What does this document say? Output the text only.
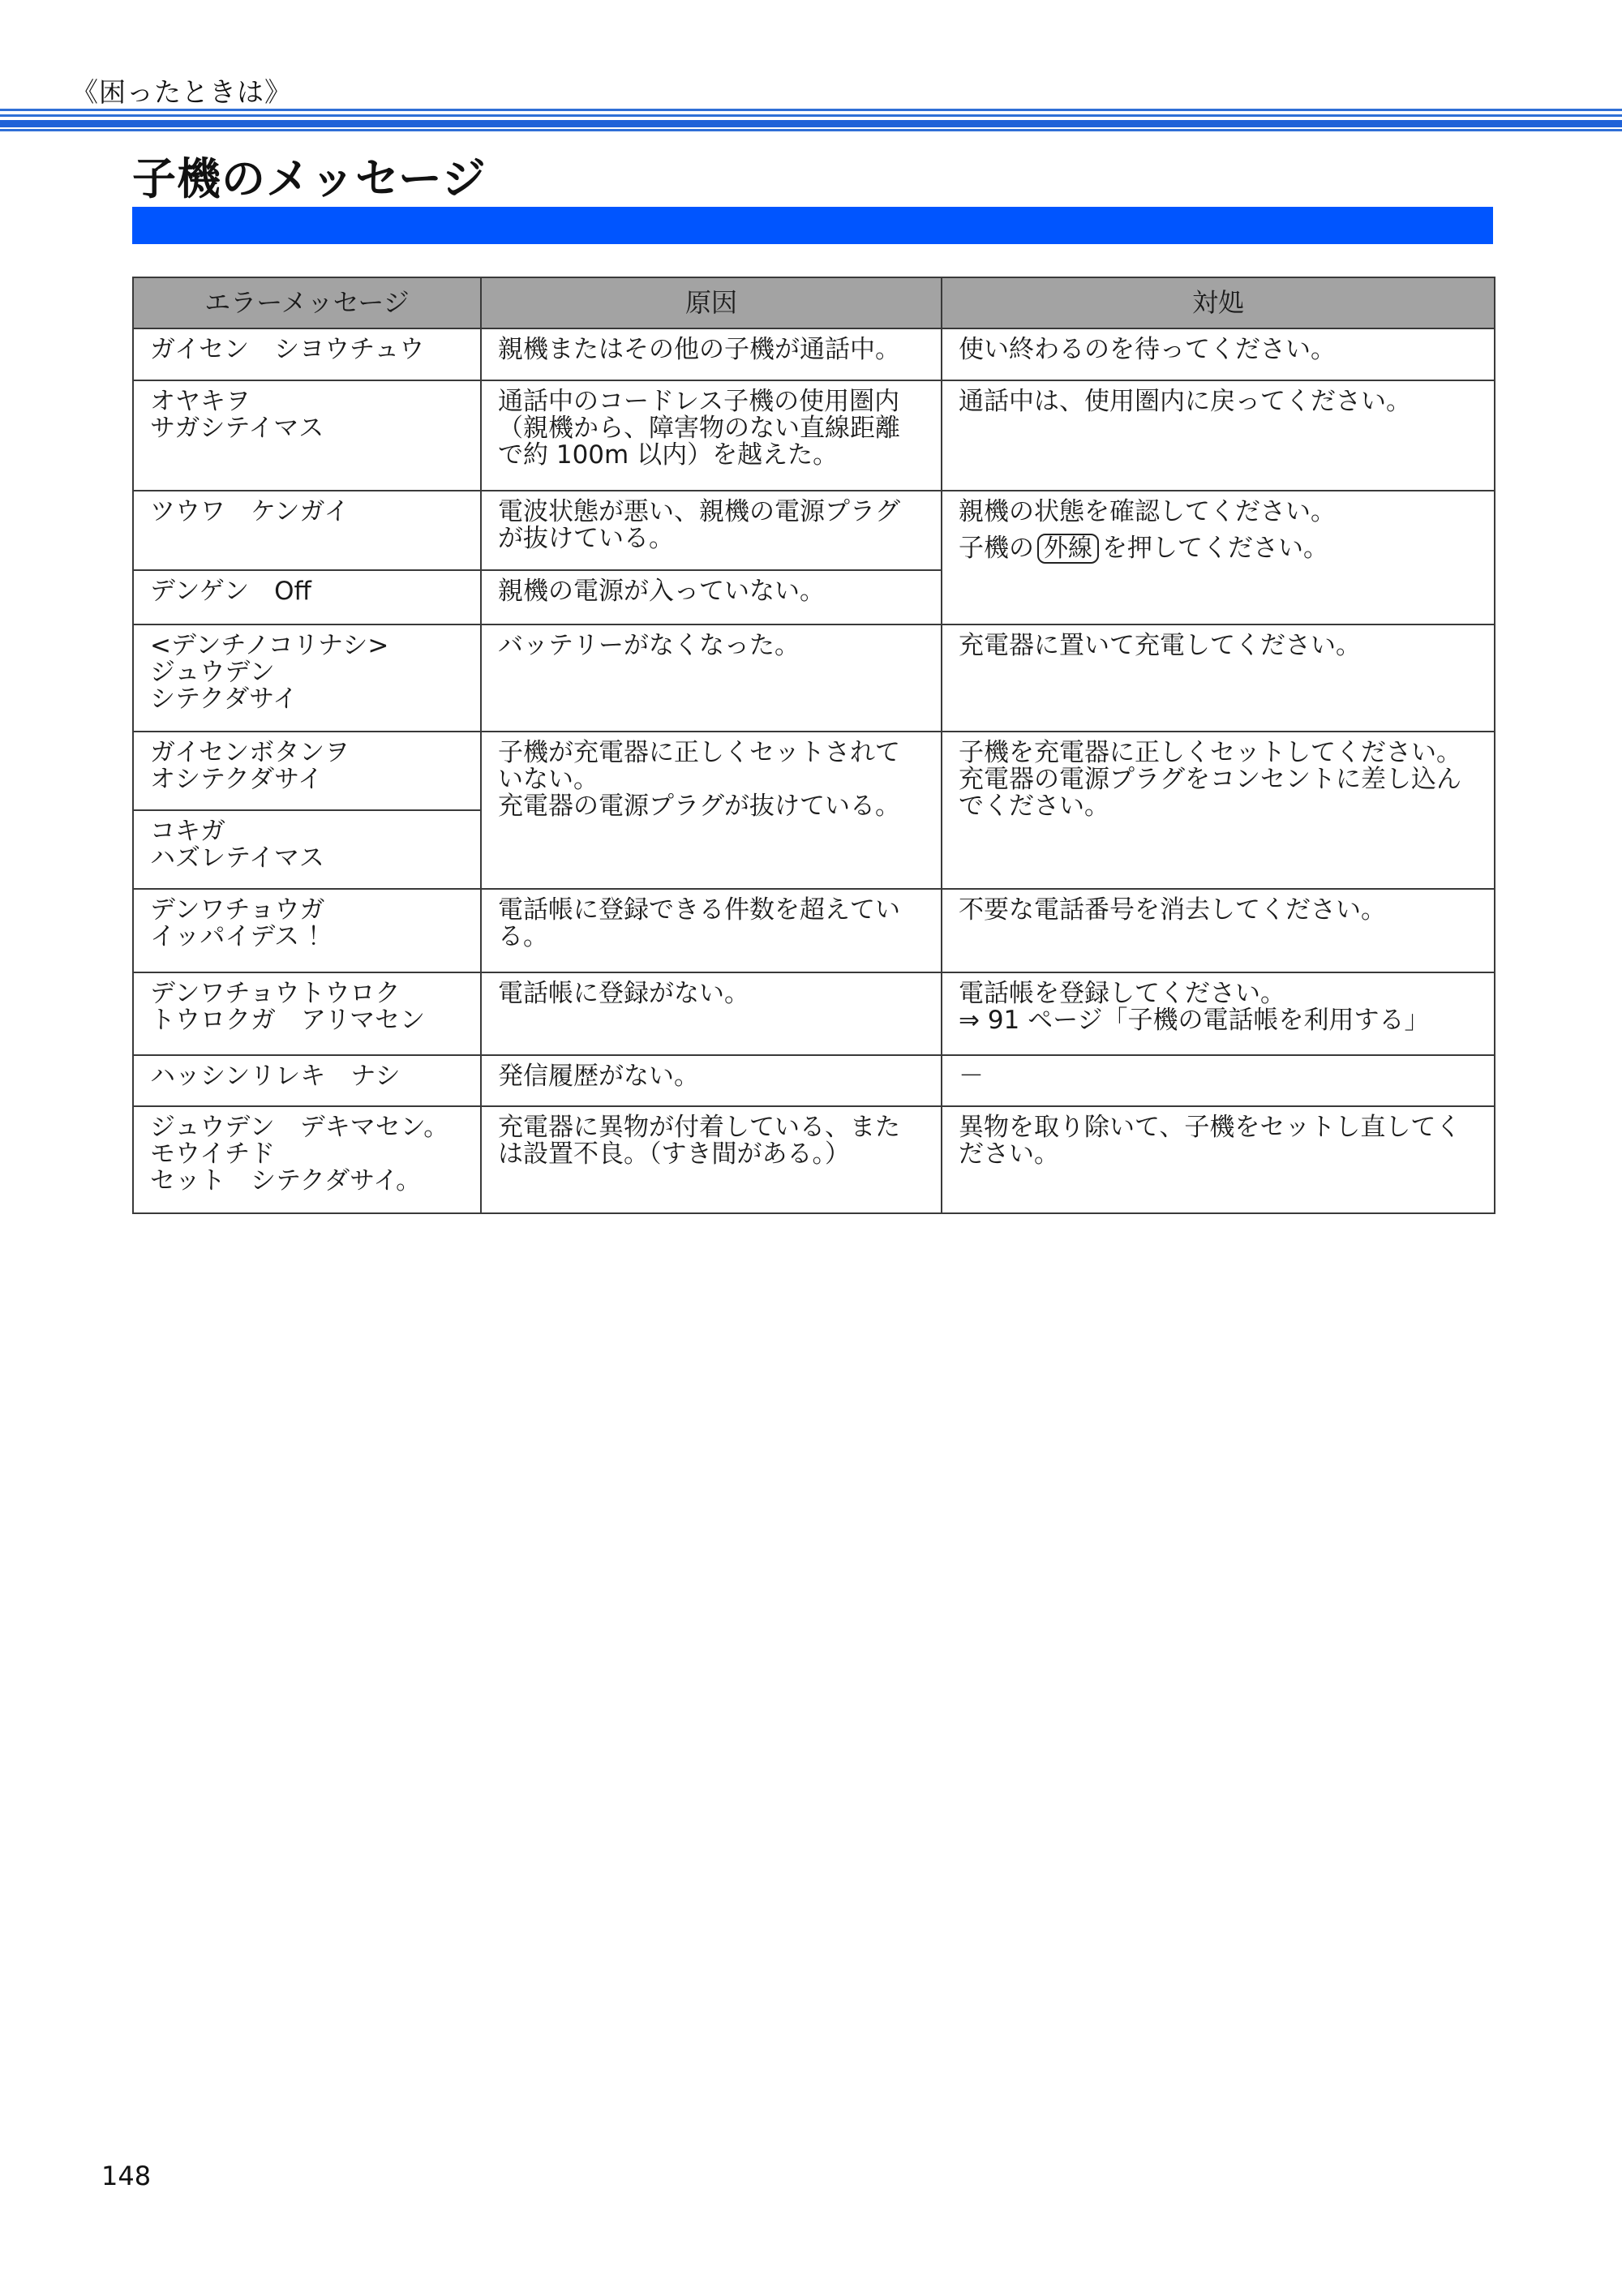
《困ったときは》
子機のメッセージ
エラーメッセージ	原因	対処

ガイセン　シヨウチュウ	親機またはその他の子機が通話中。	使い終わるのを待ってください。

オヤキヲ
サガシテイマス	通話中のコードレス子機の使用圏内（親機から、障害物のない直線距離で約 100m 以内）を越えた。	通話中は、使用圏内に戻ってください。

ツウワ　ケンガイ	電波状態が悪い、親機の電源プラグが抜けている。	親機の状態を確認してください。
子機の 外線 を押してください。

デンゲン　Off	親機の電源が入っていない。	

<デンチノコリナシ>
ジュウデン
シテクダサイ	バッテリーがなくなった。	充電器に置いて充電してください。

ガイセンボタンヲ
オシテクダサイ	子機が充電器に正しくセットされていない。
充電器の電源プラグが抜けている。	子機を充電器に正しくセットしてください。
充電器の電源プラグをコンセントに差し込んでください。

コキガ
ハズレテイマス		

デンワチョウガ
イッパイデス ！	電話帳に登録できる件数を超えている。	不要な電話番号を消去してください。

デンワチョウトウロク
トウロクガ　アリマセン	電話帳に登録がない。	電話帳を登録してください。
⇒ 91 ページ「子機の電話帳を利用する」

ハッシンリレキ　ナシ	発信履歴がない。	－

ジュウデン　デキマセン。
モウイチド
セット　シテクダサイ。	充電器に異物が付着している、または設置不良。（すき間がある。）	異物を取り除いて、子機をセットし直してください。
148
